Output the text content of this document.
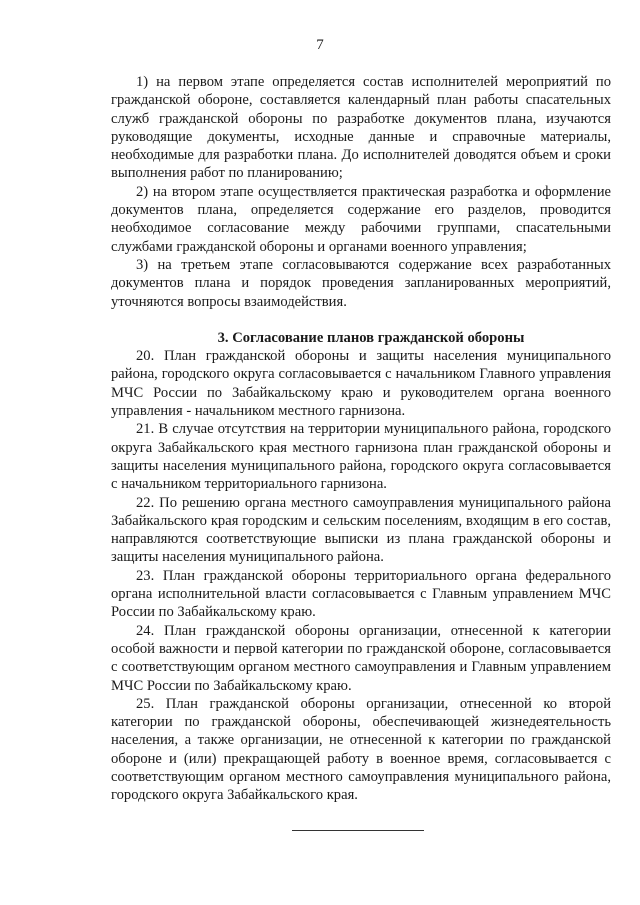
7

1) на первом этапе определяется состав исполнителей мероприятий по гражданской обороне, составляется календарный план работы спасательных служб гражданской обороны по разработке документов плана, изучаются руководящие документы, исходные данные и справочные материалы, необходимые для разработки плана. До исполнителей доводятся объем и сроки выполнения работ по планированию;

2) на втором этапе осуществляется практическая разработка и оформление документов плана, определяется содержание его разделов, проводится необходимое согласование между рабочими группами, спасательными службами гражданской обороны и органами военного управления;

3) на третьем этапе согласовываются содержание всех разработанных документов плана и порядок проведения запланированных мероприятий, уточняются вопросы взаимодействия.

3. Согласование планов гражданской обороны

20. План гражданской обороны и защиты населения муниципального района, городского округа согласовывается с начальником Главного управления МЧС России по Забайкальскому краю и руководителем органа военного управления - начальником местного гарнизона.

21. В случае отсутствия на территории муниципального района, городского округа Забайкальского края местного гарнизона план гражданской обороны и защиты населения муниципального района, городского округа согласовывается с начальником территориального гарнизона.

22. По решению органа местного самоуправления муниципального района Забайкальского края городским и сельским поселениям, входящим в его состав, направляются соответствующие выписки из плана гражданской обороны и защиты населения муниципального района.

23. План гражданской обороны территориального органа федерального органа исполнительной власти согласовывается с Главным управлением МЧС России по Забайкальскому краю.

24. План гражданской обороны организации, отнесенной к категории особой важности и первой категории по гражданской обороне, согласовывается с соответствующим органом местного самоуправления и Главным управлением МЧС России по Забайкальскому краю.

25. План гражданской обороны организации, отнесенной ко второй категории по гражданской обороны, обеспечивающей жизнедеятельность населения, а также организации, не отнесенной к категории по гражданской обороне и (или) прекращающей работу в военное время, согласовывается с соответствующим органом местного самоуправления муниципального района, городского округа Забайкальского края.
